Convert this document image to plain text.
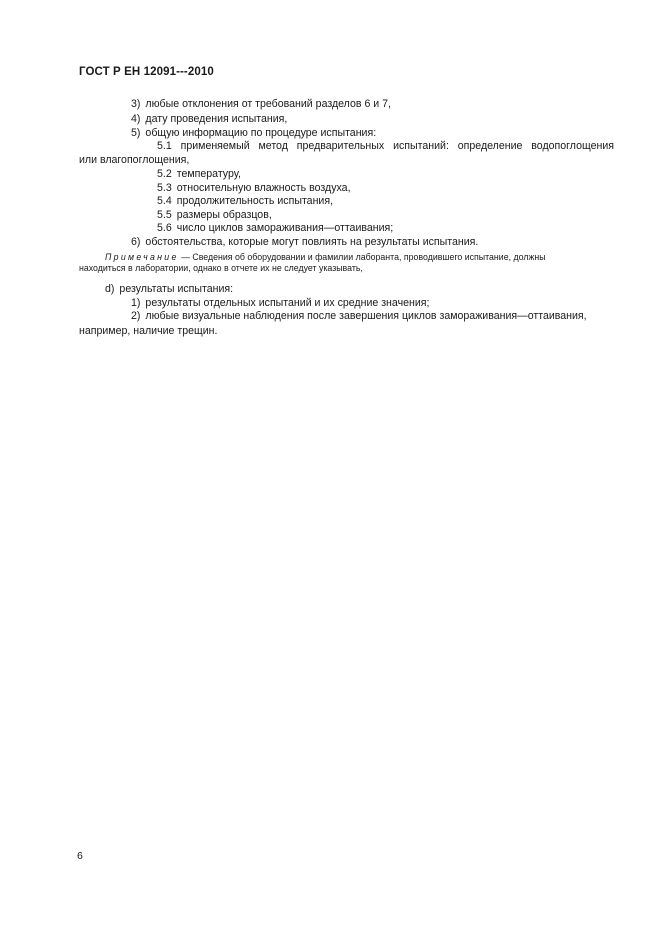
ГОСТ Р ЕН 12091---2010
3) любые отклонения от требований разделов 6 и 7,
4) дату проведения испытания,
5) общую информацию по процедуре испытания:
5.1 применяемый метод предварительных испытаний: определение водопоглощения
или влагопоглощения,
5.2 температуру,
5.3 относительную влажность воздуха,
5.4 продолжительность испытания,
5.5 размеры образцов,
5.6 число циклов замораживания—оттаивания;
6) обстоятельства, которые могут повлиять на результаты испытания.
Примечание — Сведения об оборудовании и фамилии лаборанта, проводившего испытание, должны
находиться в лаборатории, однако в отчете их не следует указывать,
d) результаты испытания:
1) результаты отдельных испытаний и их средние значения;
2) любые визуальные наблюдения после завершения циклов замораживания—оттаивания,
например, наличие трещин.
6
